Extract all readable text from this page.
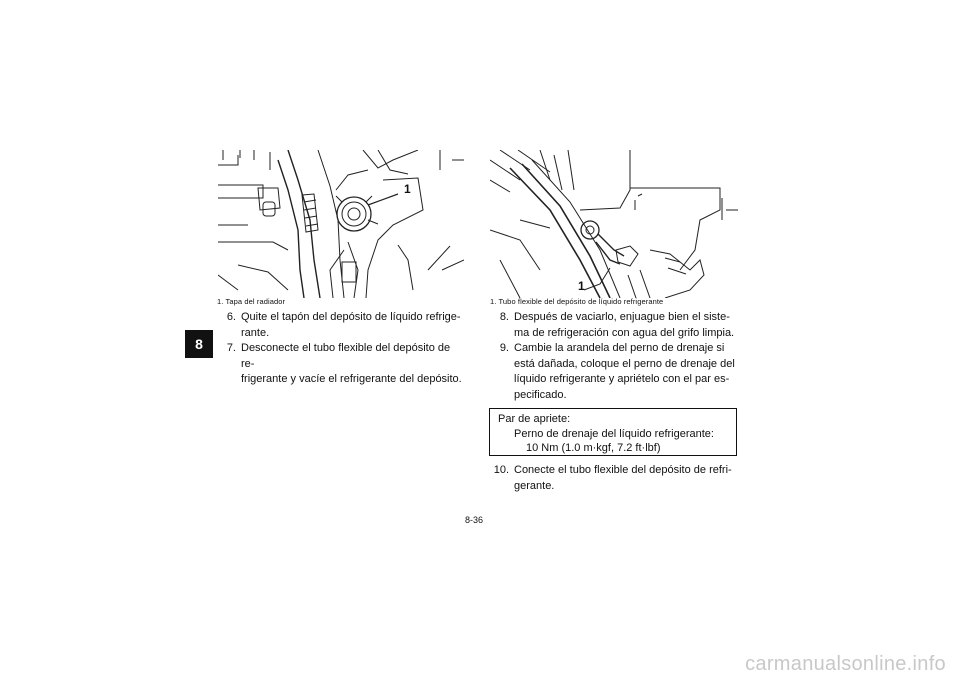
8
1
1. Tapa del radiador
1
1. Tubo flexible del depósito de líquido refrigerante
6. Quite el tapón del depósito de líquido refrige-
rante.
7. Desconecte el tubo flexible del depósito de re-
frigerante y vacíe el refrigerante del depósito.
8. Después de vaciarlo, enjuague bien el siste-
ma de refrigeración con agua del grifo limpia.
9. Cambie la arandela del perno de drenaje si
está dañada, coloque el perno de drenaje del
líquido refrigerante y apriételo con el par es-
pecificado.
Par de apriete:
Perno de drenaje del líquido refrigerante:
10 Nm (1.0 m·kgf, 7.2 ft·lbf)
10. Conecte el tubo flexible del depósito de refri-
gerante.
8-36
carmanualsonline.info
